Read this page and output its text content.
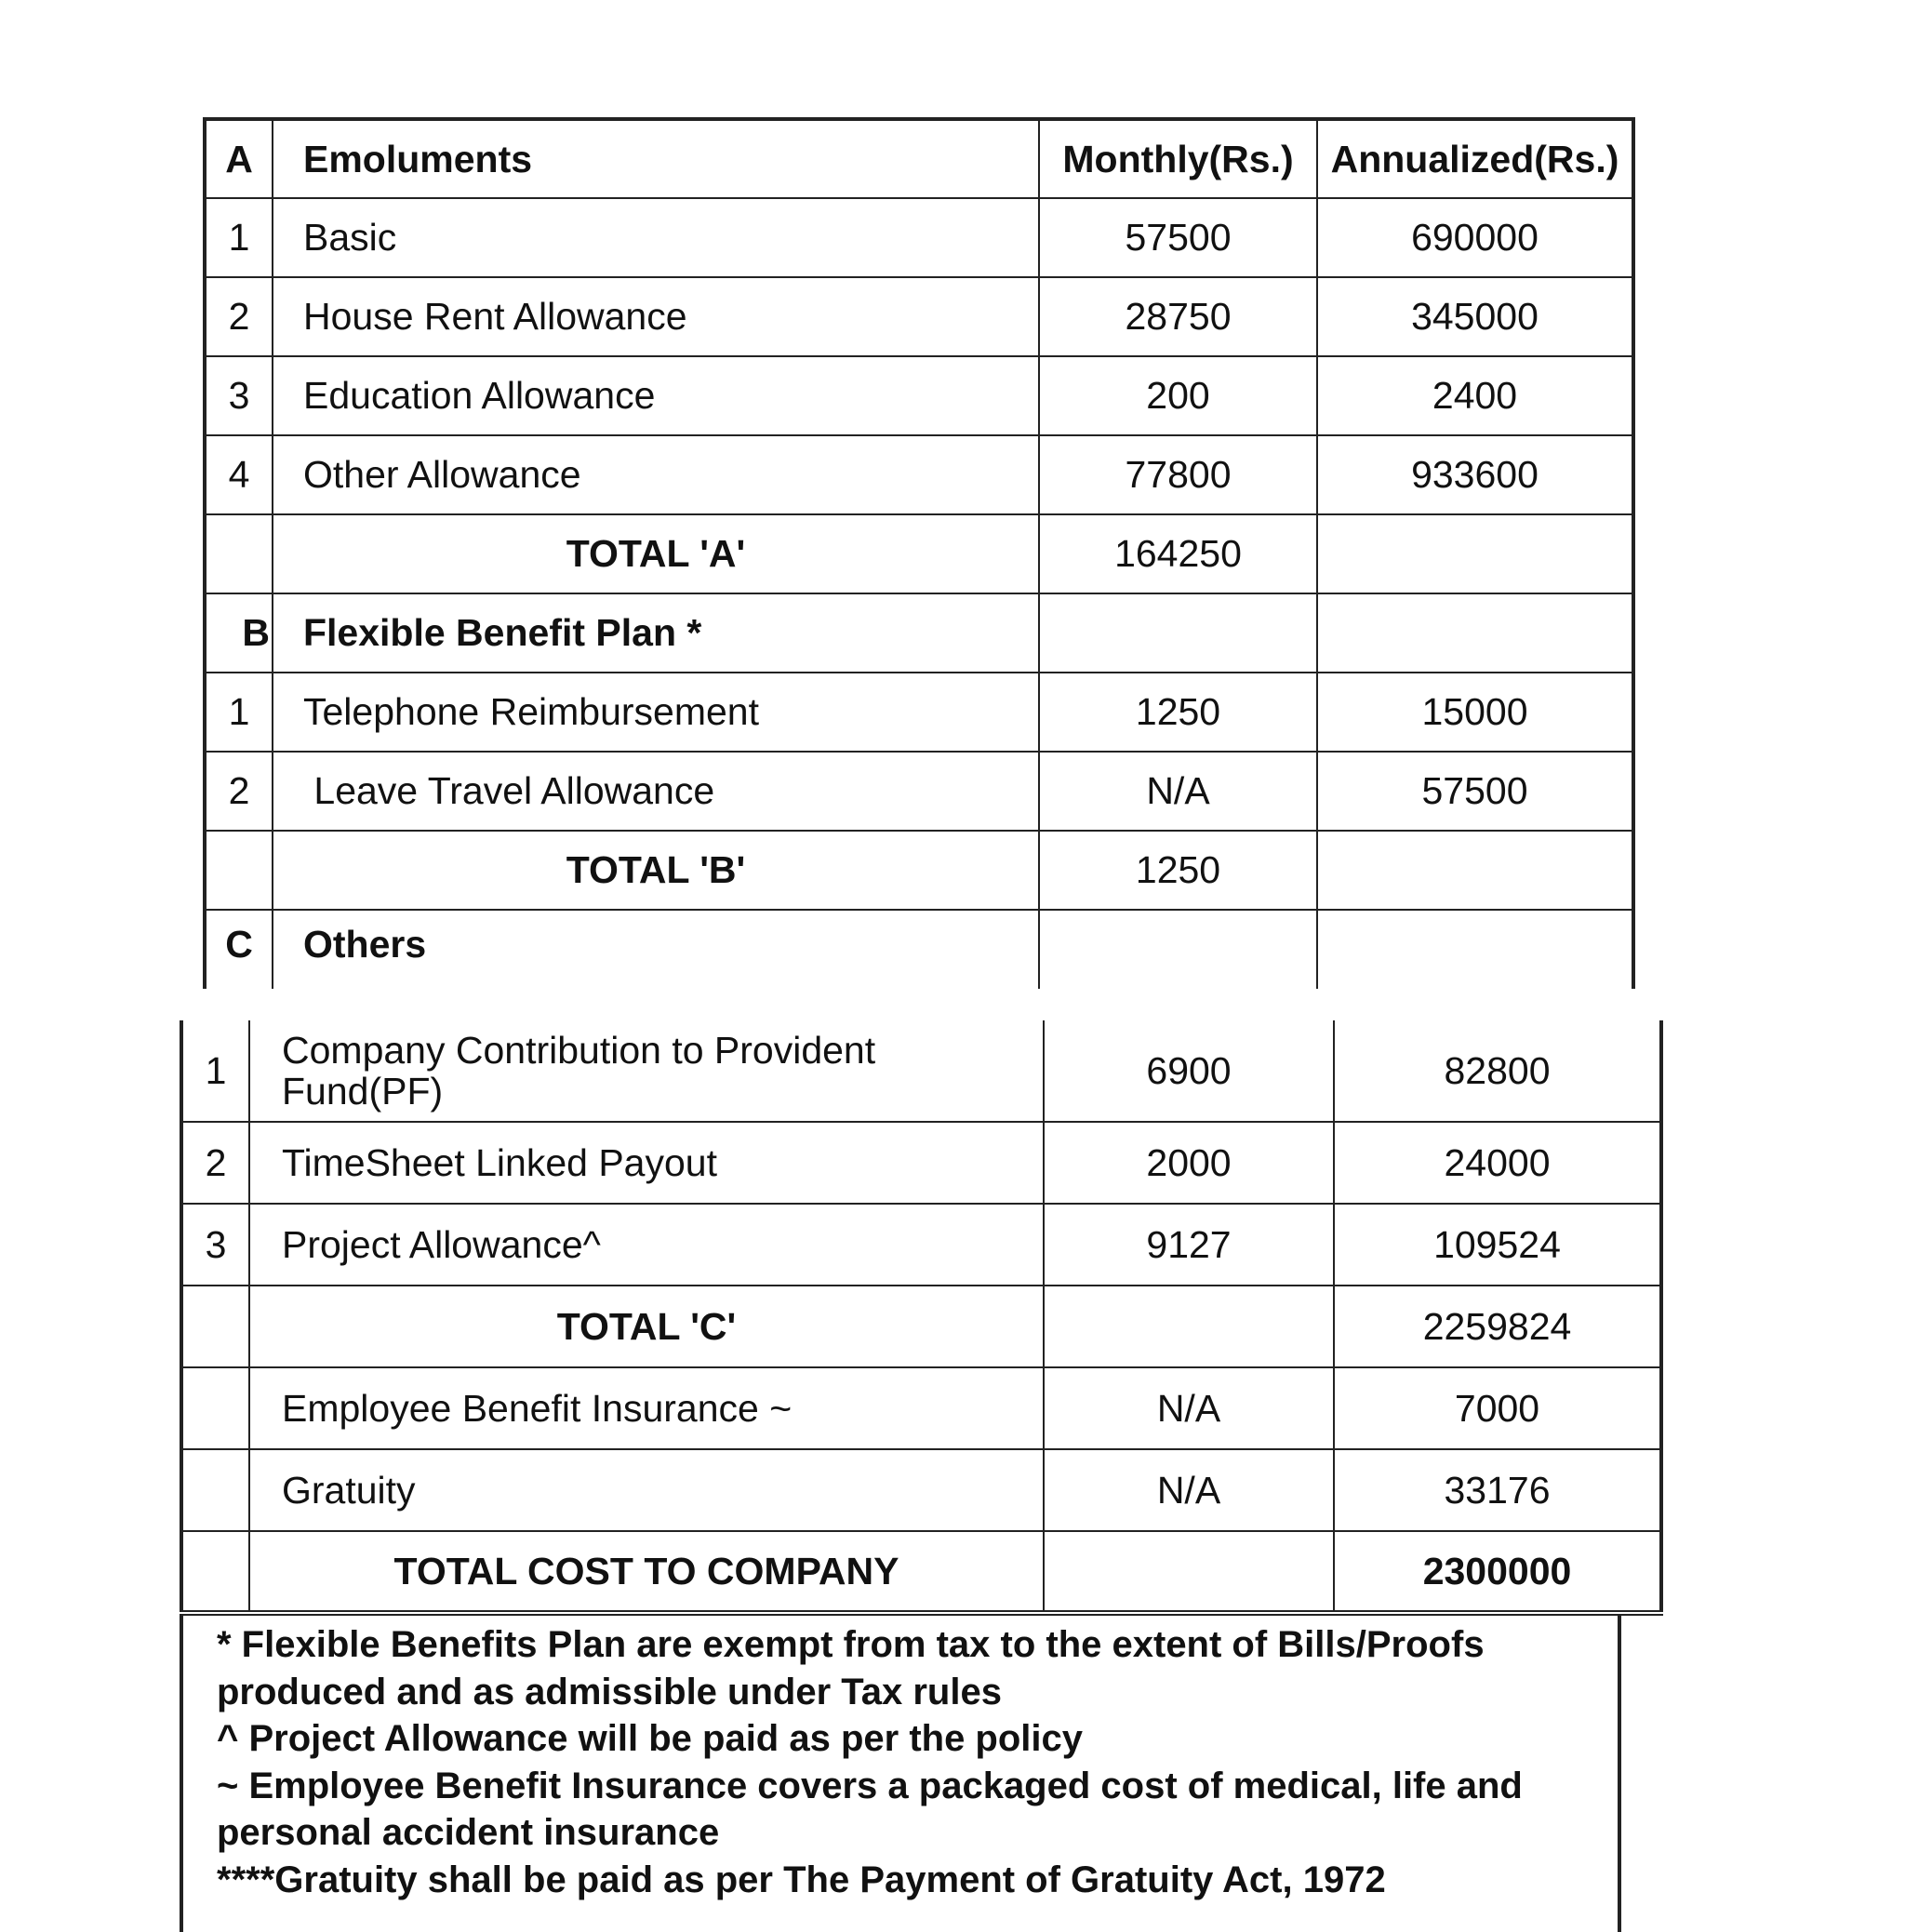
A	Emoluments	Monthly(Rs.)	Annualized(Rs.)
1	Basic	57500	690000
2	House Rent Allowance	28750	345000
3	Education Allowance	200	2400
4	Other Allowance	77800	933600
	TOTAL 'A'	164250	
B	Flexible Benefit Plan *		
1	Telephone Reimbursement	1250	15000
2	Leave Travel Allowance	N/A	57500
	TOTAL 'B'	1250	
C	Others		
1	Company Contribution to Provident Fund(PF)	6900	82800
2	TimeSheet Linked Payout	2000	24000
3	Project Allowance^	9127	109524
	TOTAL 'C'		2259824
	Employee Benefit Insurance ~	N/A	7000
	Gratuity	N/A	33176
	TOTAL COST TO COMPANY		2300000

* Flexible Benefits Plan are exempt from tax to the extent of Bills/Proofs produced and as admissible under Tax rules

^ Project Allowance will be paid as per the policy

~ Employee Benefit Insurance covers a packaged cost of medical, life and personal accident insurance

****Gratuity shall be paid as per The Payment of Gratuity Act, 1972
